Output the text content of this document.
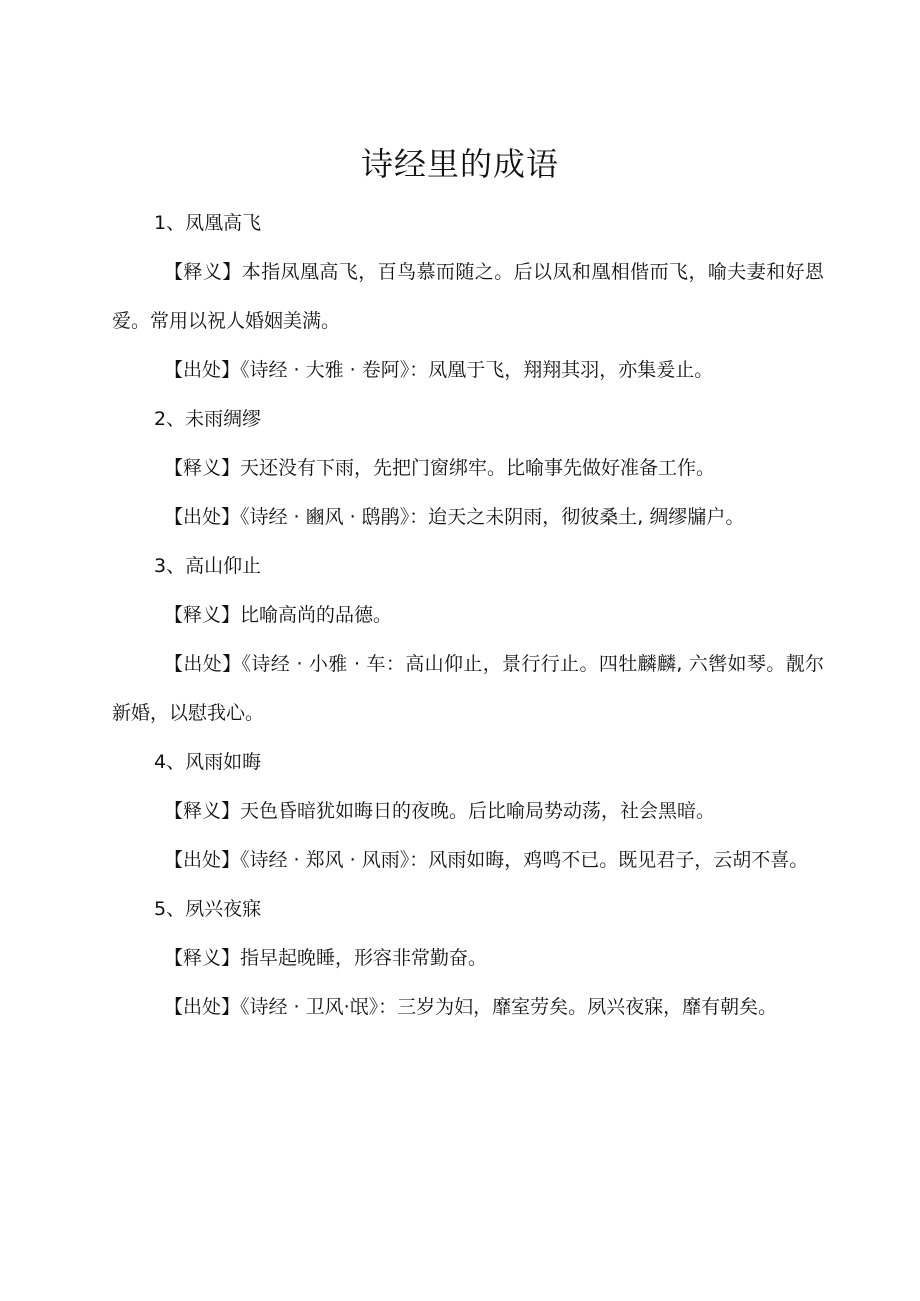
诗经里的成语

1、凤凰高飞

【释义】本指凤凰高飞，百鸟慕而随之。后以凤和凰相偕而飞，喻夫妻和好恩爱。常用以祝人婚姻美满。

【出处】《诗经 · 大雅 · 卷阿》：凤凰于飞，翔翔其羽，亦集爰止。

2、未雨绸缪

【释义】天还没有下雨，先把门窗绑牢。比喻事先做好准备工作。

【出处】《诗经 · 豳风 · 鸱鹃》：迨天之未阴雨，彻彼桑土, 绸缪牖户。

3、高山仰止

【释义】比喻高尚的品德。

【出处】《诗经 · 小雅 · 车：高山仰止，景行行止。四牡麟麟, 六辔如琴。靓尔新婚，以慰我心。

4、风雨如晦

【释义】天色昏暗犹如晦日的夜晚。后比喻局势动荡，社会黑暗。

【出处】《诗经 · 郑风 · 风雨》：风雨如晦，鸡鸣不已。既见君子，云胡不喜。

5、夙兴夜寐

【释义】指早起晚睡，形容非常勤奋。

【出处】《诗经 · 卫风·氓》：三岁为妇，靡室劳矣。夙兴夜寐，靡有朝矣。
